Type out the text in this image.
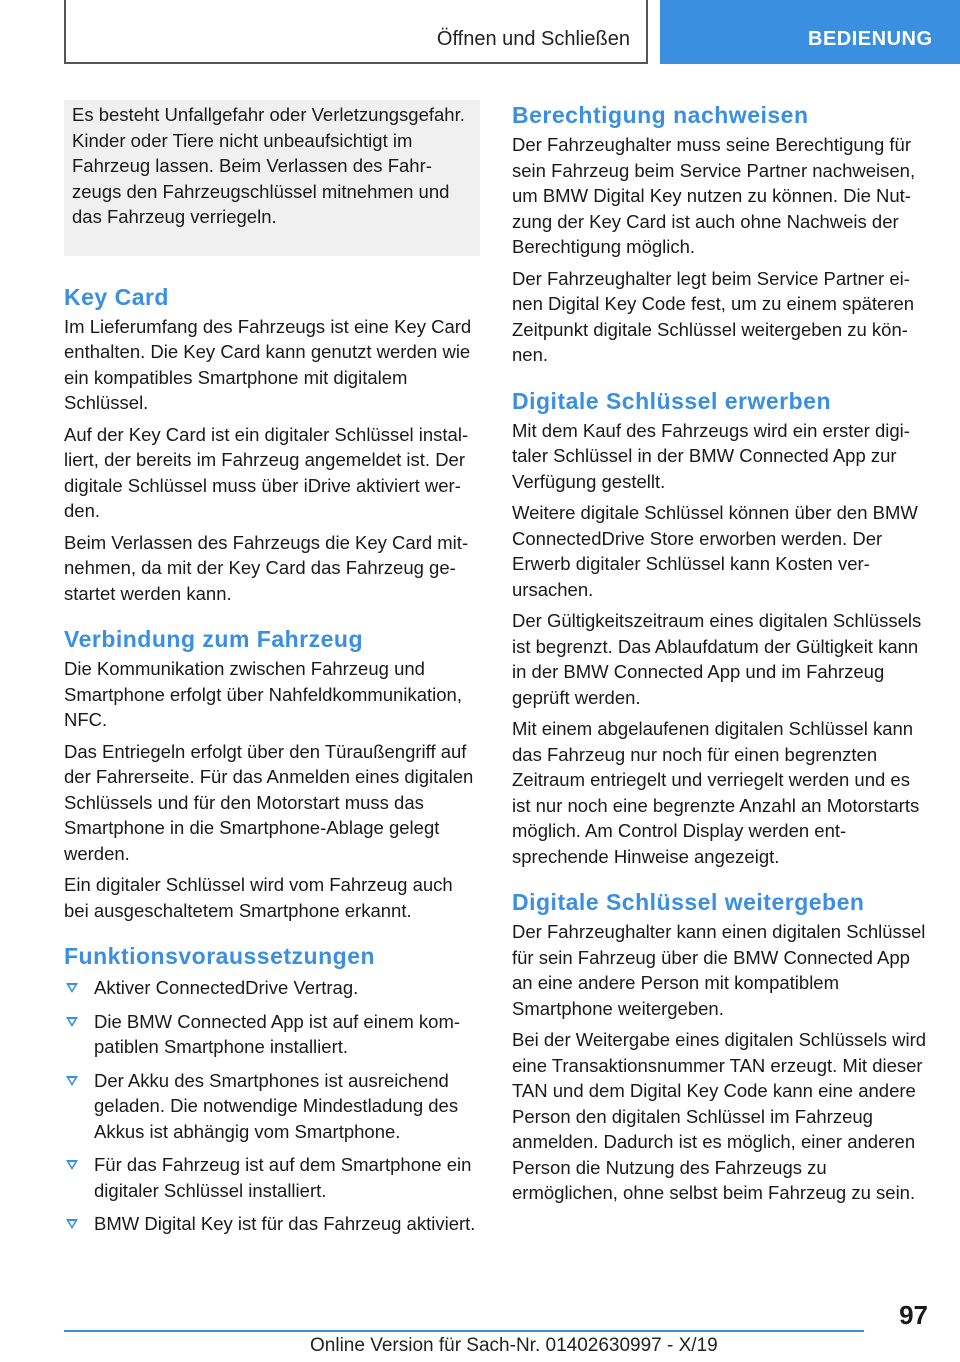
Öffnen und Schließen	BEDIENUNG

Es besteht Unfallgefahr oder Verletzungsgefahr. Kinder oder Tiere nicht unbeaufsichtigt im Fahrzeug lassen. Beim Verlassen des Fahrzeugs den Fahrzeugschlüssel mitnehmen und das Fahrzeug verriegeln.

Key Card

Im Lieferumfang des Fahrzeugs ist eine Key Card enthalten. Die Key Card kann genutzt werden wie ein kompatibles Smartphone mit digitalem Schlüssel.

Auf der Key Card ist ein digitaler Schlüssel installiert, der bereits im Fahrzeug angemeldet ist. Der digitale Schlüssel muss über iDrive aktiviert werden.

Beim Verlassen des Fahrzeugs die Key Card mitnehmen, da mit der Key Card das Fahrzeug gestartet werden kann.

Verbindung zum Fahrzeug

Die Kommunikation zwischen Fahrzeug und Smartphone erfolgt über Nahfeldkommunikation, NFC.

Das Entriegeln erfolgt über den Türaußengriff auf der Fahrerseite. Für das Anmelden eines digitalen Schlüssels und für den Motorstart muss das Smartphone in die Smartphone-Ablage gelegt werden.

Ein digitaler Schlüssel wird vom Fahrzeug auch bei ausgeschaltetem Smartphone erkannt.

Funktionsvoraussetzungen
Aktiver ConnectedDrive Vertrag.
Die BMW Connected App ist auf einem kompatiblen Smartphone installiert.
Der Akku des Smartphones ist ausreichend geladen. Die notwendige Mindestladung des Akkus ist abhängig vom Smartphone.
Für das Fahrzeug ist auf dem Smartphone ein digitaler Schlüssel installiert.
BMW Digital Key ist für das Fahrzeug aktiviert.
Berechtigung nachweisen

Der Fahrzeughalter muss seine Berechtigung für sein Fahrzeug beim Service Partner nachweisen, um BMW Digital Key nutzen zu können. Die Nutzung der Key Card ist auch ohne Nachweis der Berechtigung möglich.

Der Fahrzeughalter legt beim Service Partner einen Digital Key Code fest, um zu einem späteren Zeitpunkt digitale Schlüssel weitergeben zu können.

Digitale Schlüssel erwerben

Mit dem Kauf des Fahrzeugs wird ein erster digitaler Schlüssel in der BMW Connected App zur Verfügung gestellt.

Weitere digitale Schlüssel können über den BMW ConnectedDrive Store erworben werden. Der Erwerb digitaler Schlüssel kann Kosten verursachen.

Der Gültigkeitszeitraum eines digitalen Schlüssels ist begrenzt. Das Ablaufdatum der Gültigkeit kann in der BMW Connected App und im Fahrzeug geprüft werden.

Mit einem abgelaufenen digitalen Schlüssel kann das Fahrzeug nur noch für einen begrenzten Zeitraum entriegelt und verriegelt werden und es ist nur noch eine begrenzte Anzahl an Motorstarts möglich. Am Control Display werden entsprechende Hinweise angezeigt.

Digitale Schlüssel weitergeben

Der Fahrzeughalter kann einen digitalen Schlüssel für sein Fahrzeug über die BMW Connected App an eine andere Person mit kompatiblem Smartphone weitergeben.

Bei der Weitergabe eines digitalen Schlüssels wird eine Transaktionsnummer TAN erzeugt. Mit dieser TAN und dem Digital Key Code kann eine andere Person den digitalen Schlüssel im Fahrzeug anmelden. Dadurch ist es möglich, einer anderen Person die Nutzung des Fahrzeugs zu ermöglichen, ohne selbst beim Fahrzeug zu sein.

97
Online Version für Sach-Nr. 01402630997 - X/19
